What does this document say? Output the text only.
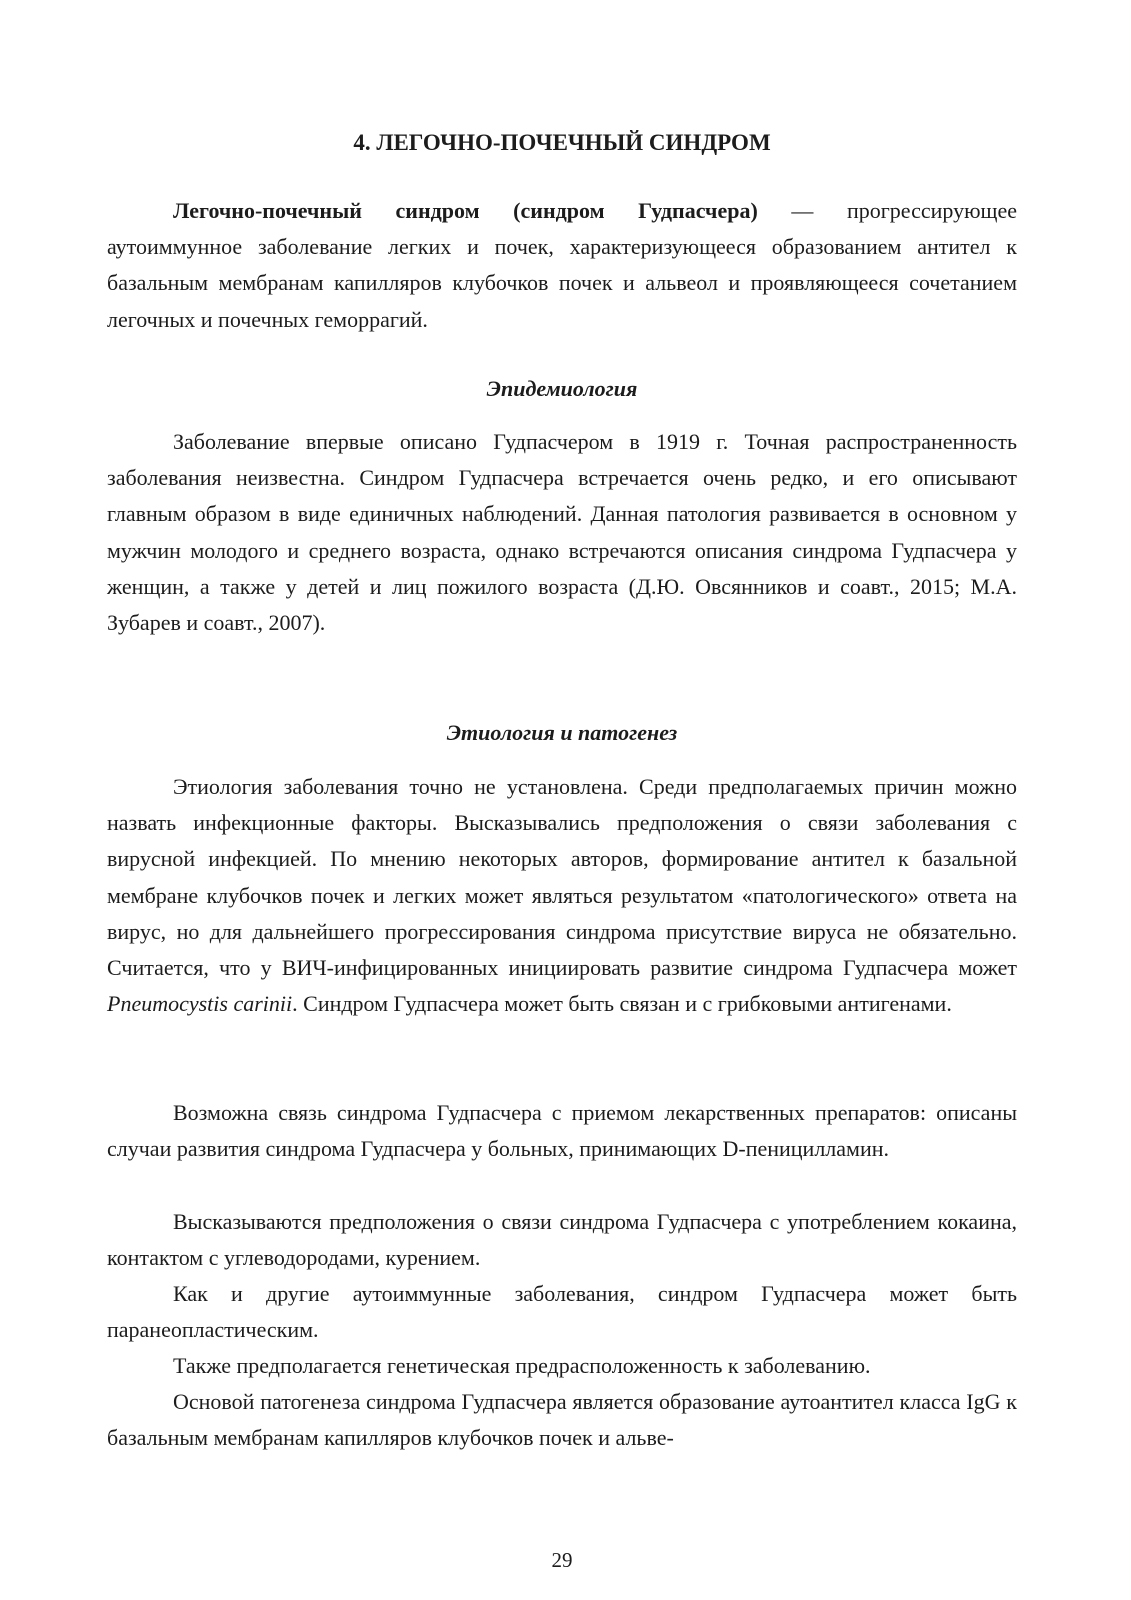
4. ЛЕГОЧНО-ПОЧЕЧНЫЙ СИНДРОМ

Легочно-почечный синдром (синдром Гудпасчера) — прогрессирующее аутоиммунное заболевание легких и почек, характеризующееся образованием антител к базальным мембранам капилляров клубочков почек и альвеол и проявляющееся сочетанием легочных и почечных геморрагий.

Эпидемиология

Заболевание впервые описано Гудпасчером в 1919 г. Точная распространенность заболевания неизвестна. Синдром Гудпасчера встречается очень редко, и его описывают главным образом в виде единичных наблюдений. Данная патология развивается в основном у мужчин молодого и среднего возраста, однако встречаются описания синдрома Гудпасчера у женщин, а также у детей и лиц пожилого возраста (Д.Ю. Овсянников и соавт., 2015; М.А. Зубарев и соавт., 2007).

Этиология и патогенез

Этиология заболевания точно не установлена. Среди предполагаемых причин можно назвать инфекционные факторы. Высказывались предположения о связи заболевания с вирусной инфекцией. По мнению некоторых авторов, формирование антител к базальной мембране клубочков почек и легких может являться результатом «патологического» ответа на вирус, но для дальнейшего прогрессирования синдрома присутствие вируса не обязательно. Считается, что у ВИЧ-инфицированных инициировать развитие синдрома Гудпасчера может Pneumocystis carinii. Синдром Гудпасчера может быть связан и с грибковыми антигенами.

Возможна связь синдрома Гудпасчера с приемом лекарственных препаратов: описаны случаи развития синдрома Гудпасчера у больных, принимающих D-пеницилламин.

Высказываются предположения о связи синдрома Гудпасчера с употреблением кокаина, контактом с углеводородами, курением.

Как и другие аутоиммунные заболевания, синдром Гудпасчера может быть паранеопластическим.

Также предполагается генетическая предрасположенность к заболеванию.

Основой патогенеза синдрома Гудпасчера является образование аутоантител класса IgG к базальным мембранам капилляров клубочков почек и альве-

29
